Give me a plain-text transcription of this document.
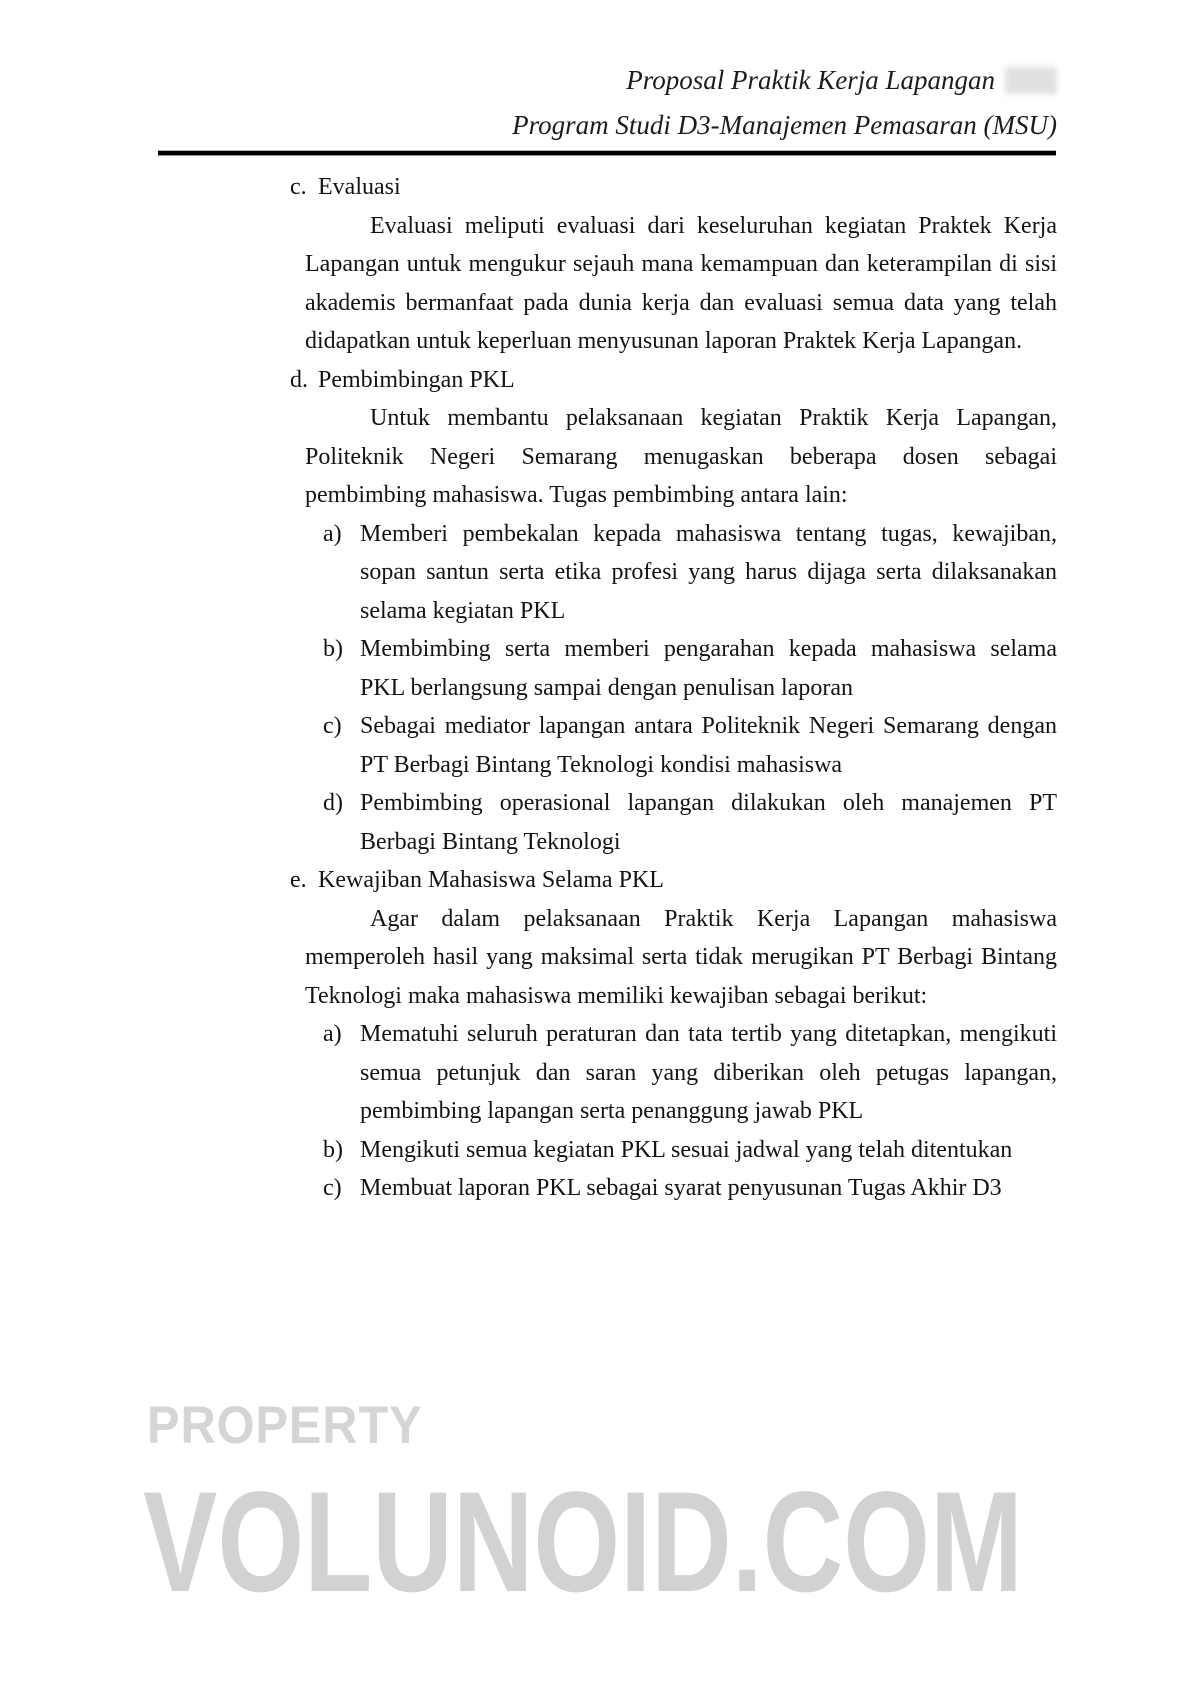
Proposal Praktik Kerja Lapangan
Program Studi D3-Manajemen Pemasaran (MSU)
c. Evaluasi
Evaluasi meliputi evaluasi dari keseluruhan kegiatan Praktek Kerja Lapangan untuk mengukur sejauh mana kemampuan dan keterampilan di sisi akademis bermanfaat pada dunia kerja dan evaluasi semua data yang telah didapatkan untuk keperluan menyusunan laporan Praktek Kerja Lapangan.
d. Pembimbingan PKL
Untuk membantu pelaksanaan kegiatan Praktik Kerja Lapangan, Politeknik Negeri Semarang menugaskan beberapa dosen sebagai pembimbing mahasiswa. Tugas pembimbing antara lain:
a) Memberi pembekalan kepada mahasiswa tentang tugas, kewajiban, sopan santun serta etika profesi yang harus dijaga serta dilaksanakan selama kegiatan PKL
b) Membimbing serta memberi pengarahan kepada mahasiswa selama PKL berlangsung sampai dengan penulisan laporan
c) Sebagai mediator lapangan antara Politeknik Negeri Semarang dengan PT Berbagi Bintang Teknologi kondisi mahasiswa
d) Pembimbing operasional lapangan dilakukan oleh manajemen PT Berbagi Bintang Teknologi
e. Kewajiban Mahasiswa Selama PKL
Agar dalam pelaksanaan Praktik Kerja Lapangan mahasiswa memperoleh hasil yang maksimal serta tidak merugikan PT Berbagi Bintang Teknologi maka mahasiswa memiliki kewajiban sebagai berikut:
a) Mematuhi seluruh peraturan dan tata tertib yang ditetapkan, mengikuti semua petunjuk dan saran yang diberikan oleh petugas lapangan, pembimbing lapangan serta penanggung jawab PKL
b) Mengikuti semua kegiatan PKL sesuai jadwal yang telah ditentukan
c) Membuat laporan PKL sebagai syarat penyusunan Tugas Akhir D3
PROPERTY
VOLUNOID.COM
